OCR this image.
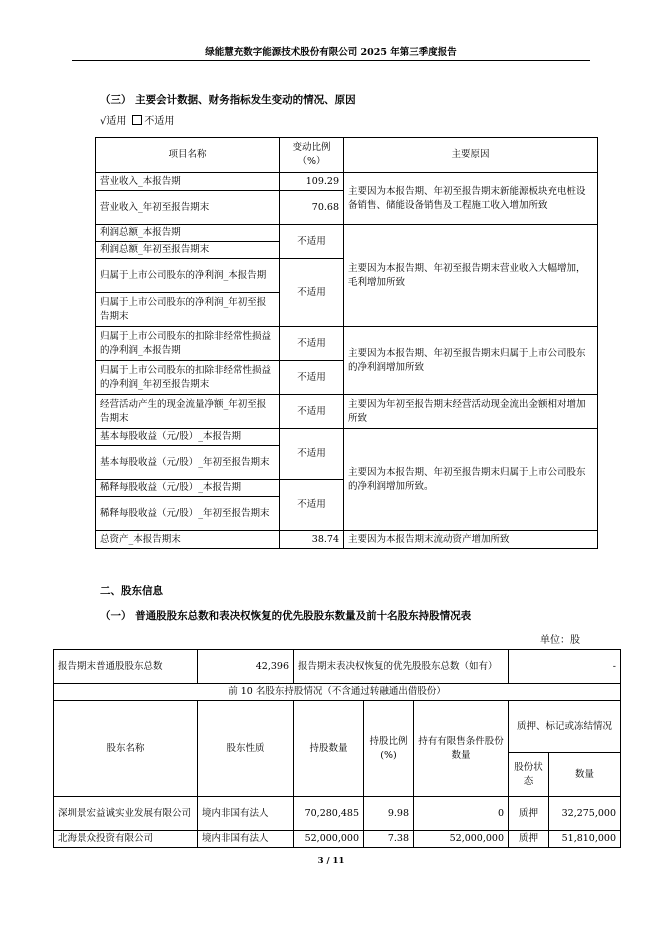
绿能慧充数字能源技术股份有限公司 2025 年第三季度报告
（三） 主要会计数据、财务指标发生变动的情况、原因
√适用 不适用
项目名称	变动比例（%）	主要原因
营业收入_本报告期	109.29	主要因为本报告期、年初至报告期末新能源板块充电桩设备销售、储能设备销售及工程施工收入增加所致
营业收入_年初至报告期末	70.68	
利润总额_本报告期	不适用	主要因为本报告期、年初至报告期末营业收入大幅增加，毛利增加所致
利润总额_年初至报告期末		
归属于上市公司股东的净利润_本报告期	不适用	
归属于上市公司股东的净利润_年初至报告期末		
归属于上市公司股东的扣除非经常性损益的净利润_本报告期	不适用	主要因为本报告期、年初至报告期末归属于上市公司股东的净利润增加所致
归属于上市公司股东的扣除非经常性损益的净利润_年初至报告期末	不适用	
经营活动产生的现金流量净额_年初至报告期末	不适用	主要因为年初至报告期末经营活动现金流出金额相对增加所致
基本每股收益（元/股）_本报告期	不适用	主要因为本报告期、年初至报告期末归属于上市公司股东的净利润增加所致。
基本每股收益（元/股）_年初至报告期末		
稀释每股收益（元/股）_本报告期	不适用	
稀释每股收益（元/股）_年初至报告期末		
总资产_本报告期末	38.74	主要因为本报告期末流动资产增加所致
二、股东信息
（一） 普通股股东总数和表决权恢复的优先股股东数量及前十名股东持股情况表
单位：股
报告期末普通股股东总数	42,396	报告期末表决权恢复的优先股股东总数（如有）			-	
前 10 名股东持股情况（不含通过转融通出借股份）						
股东名称	股东性质	持股数量	持股比例(%)	持有有限售条件股份数量	质押、标记或冻结情况	
					股份状态	数量
深圳景宏益诚实业发展有限公司	境内非国有法人	70,280,485	9.98	0	质押	32,275,000
北海景众投资有限公司	境内非国有法人	52,000,000	7.38	52,000,000	质押	51,810,000
3 / 11
